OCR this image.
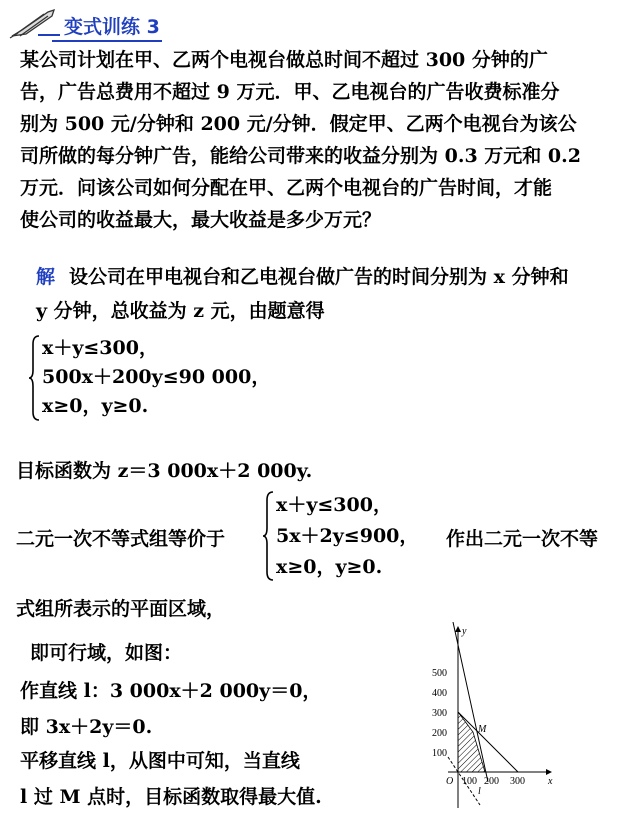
变式训练 3
某公司计划在甲、乙两个电视台做总时间不超过 300 分钟的广
告，广告总费用不超过 9 万元．甲、乙电视台的广告收费标准分
别为 500 元/分钟和 200 元/分钟．假定甲、乙两个电视台为该公
司所做的每分钟广告，能给公司带来的收益分别为 0.3 万元和 0.2
万元．问该公司如何分配在甲、乙两个电视台的广告时间，才能
使公司的收益最大，最大收益是多少万元？
解 设公司在甲电视台和乙电视台做广告的时间分别为 x 分钟和
y 分钟，总收益为 z 元，由题意得
x＋y≤300，
500x＋200y≤90 000，
x≥0，y≥0.
目标函数为 z＝3 000x＋2 000y.
二元一次不等式组等价于
x＋y≤300，
5x＋2y≤900，
x≥0，y≥0.
作出二元一次不等
式组所表示的平面区域，
即可行域，如图：
作直线 l：3 000x＋2 000y＝0，
即 3x＋2y＝0.
平移直线 l，从图中可知，当直线
l 过 M 点时，目标函数取得最大值.
y
x
O
100
200
300
400
500
100 200 300
M
l
